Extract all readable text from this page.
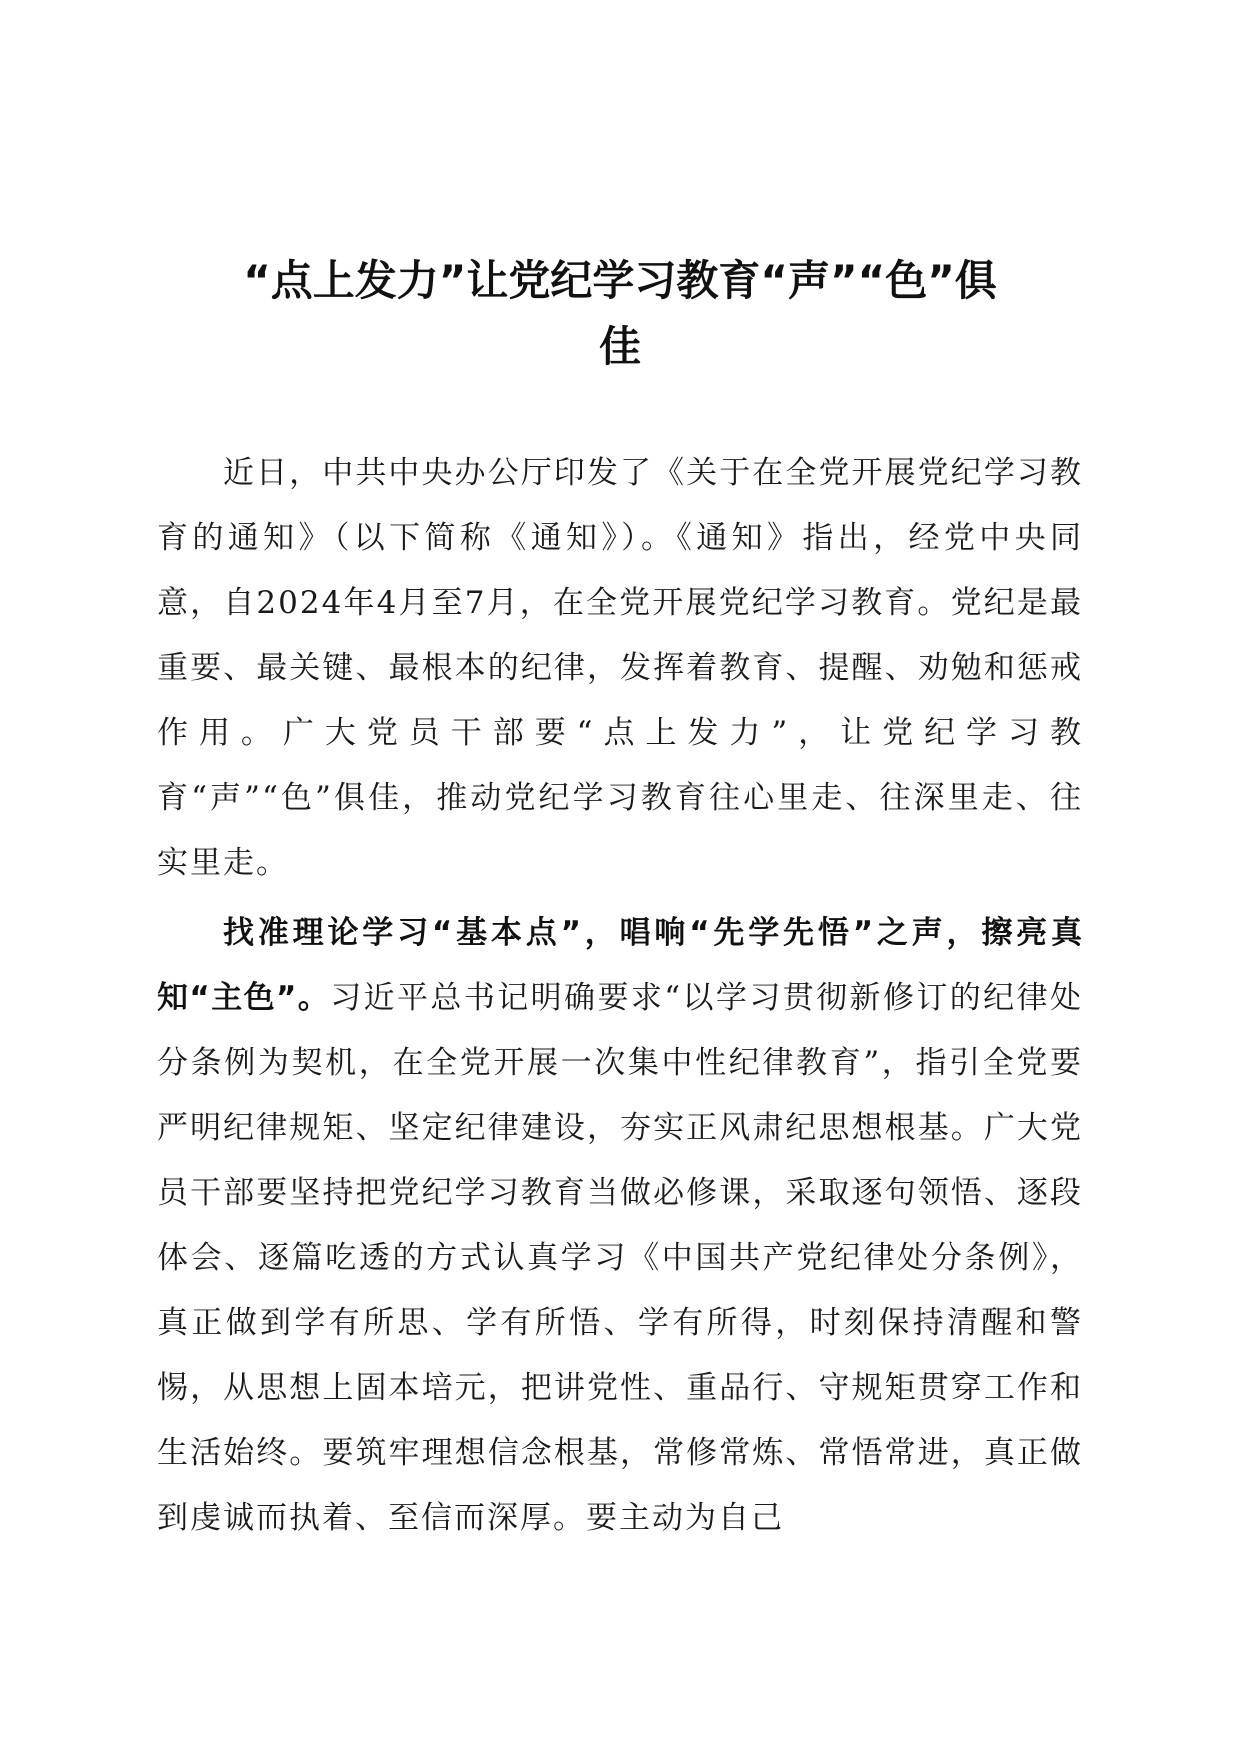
“点上发力”让党纪学习教育“声”“色”俱
佳

近日，中共中央办公厅印发了《关于在全党开展党纪学习教育的通知》（以下简称《通知》）。《通知》指出，经党中央同意，自2024年4月至7月，在全党开展党纪学习教育。党纪是最重要、最关键、最根本的纪律，发挥着教育、提醒、劝勉和惩戒作用。广大党员干部要“点上发力”，让党纪学习教育“声”“色”俱佳，推动党纪学习教育往心里走、往深里走、往实里走。

找准理论学习“基本点”，唱响“先学先悟”之声，擦亮真知“主色”。习近平总书记明确要求“以学习贯彻新修订的纪律处分条例为契机，在全党开展一次集中性纪律教育”，指引全党要严明纪律规矩、坚定纪律建设，夯实正风肃纪思想根基。广大党员干部要坚持把党纪学习教育当做必修课，采取逐句领悟、逐段体会、逐篇吃透的方式认真学习《中国共产党纪律处分条例》，真正做到学有所思、学有所悟、学有所得，时刻保持清醒和警惕，从思想上固本培元，把讲党性、重品行、守规矩贯穿工作和生活始终。要筑牢理想信念根基，常修常炼、常悟常进，真正做到虔诚而执着、至信而深厚。要主动为自己
